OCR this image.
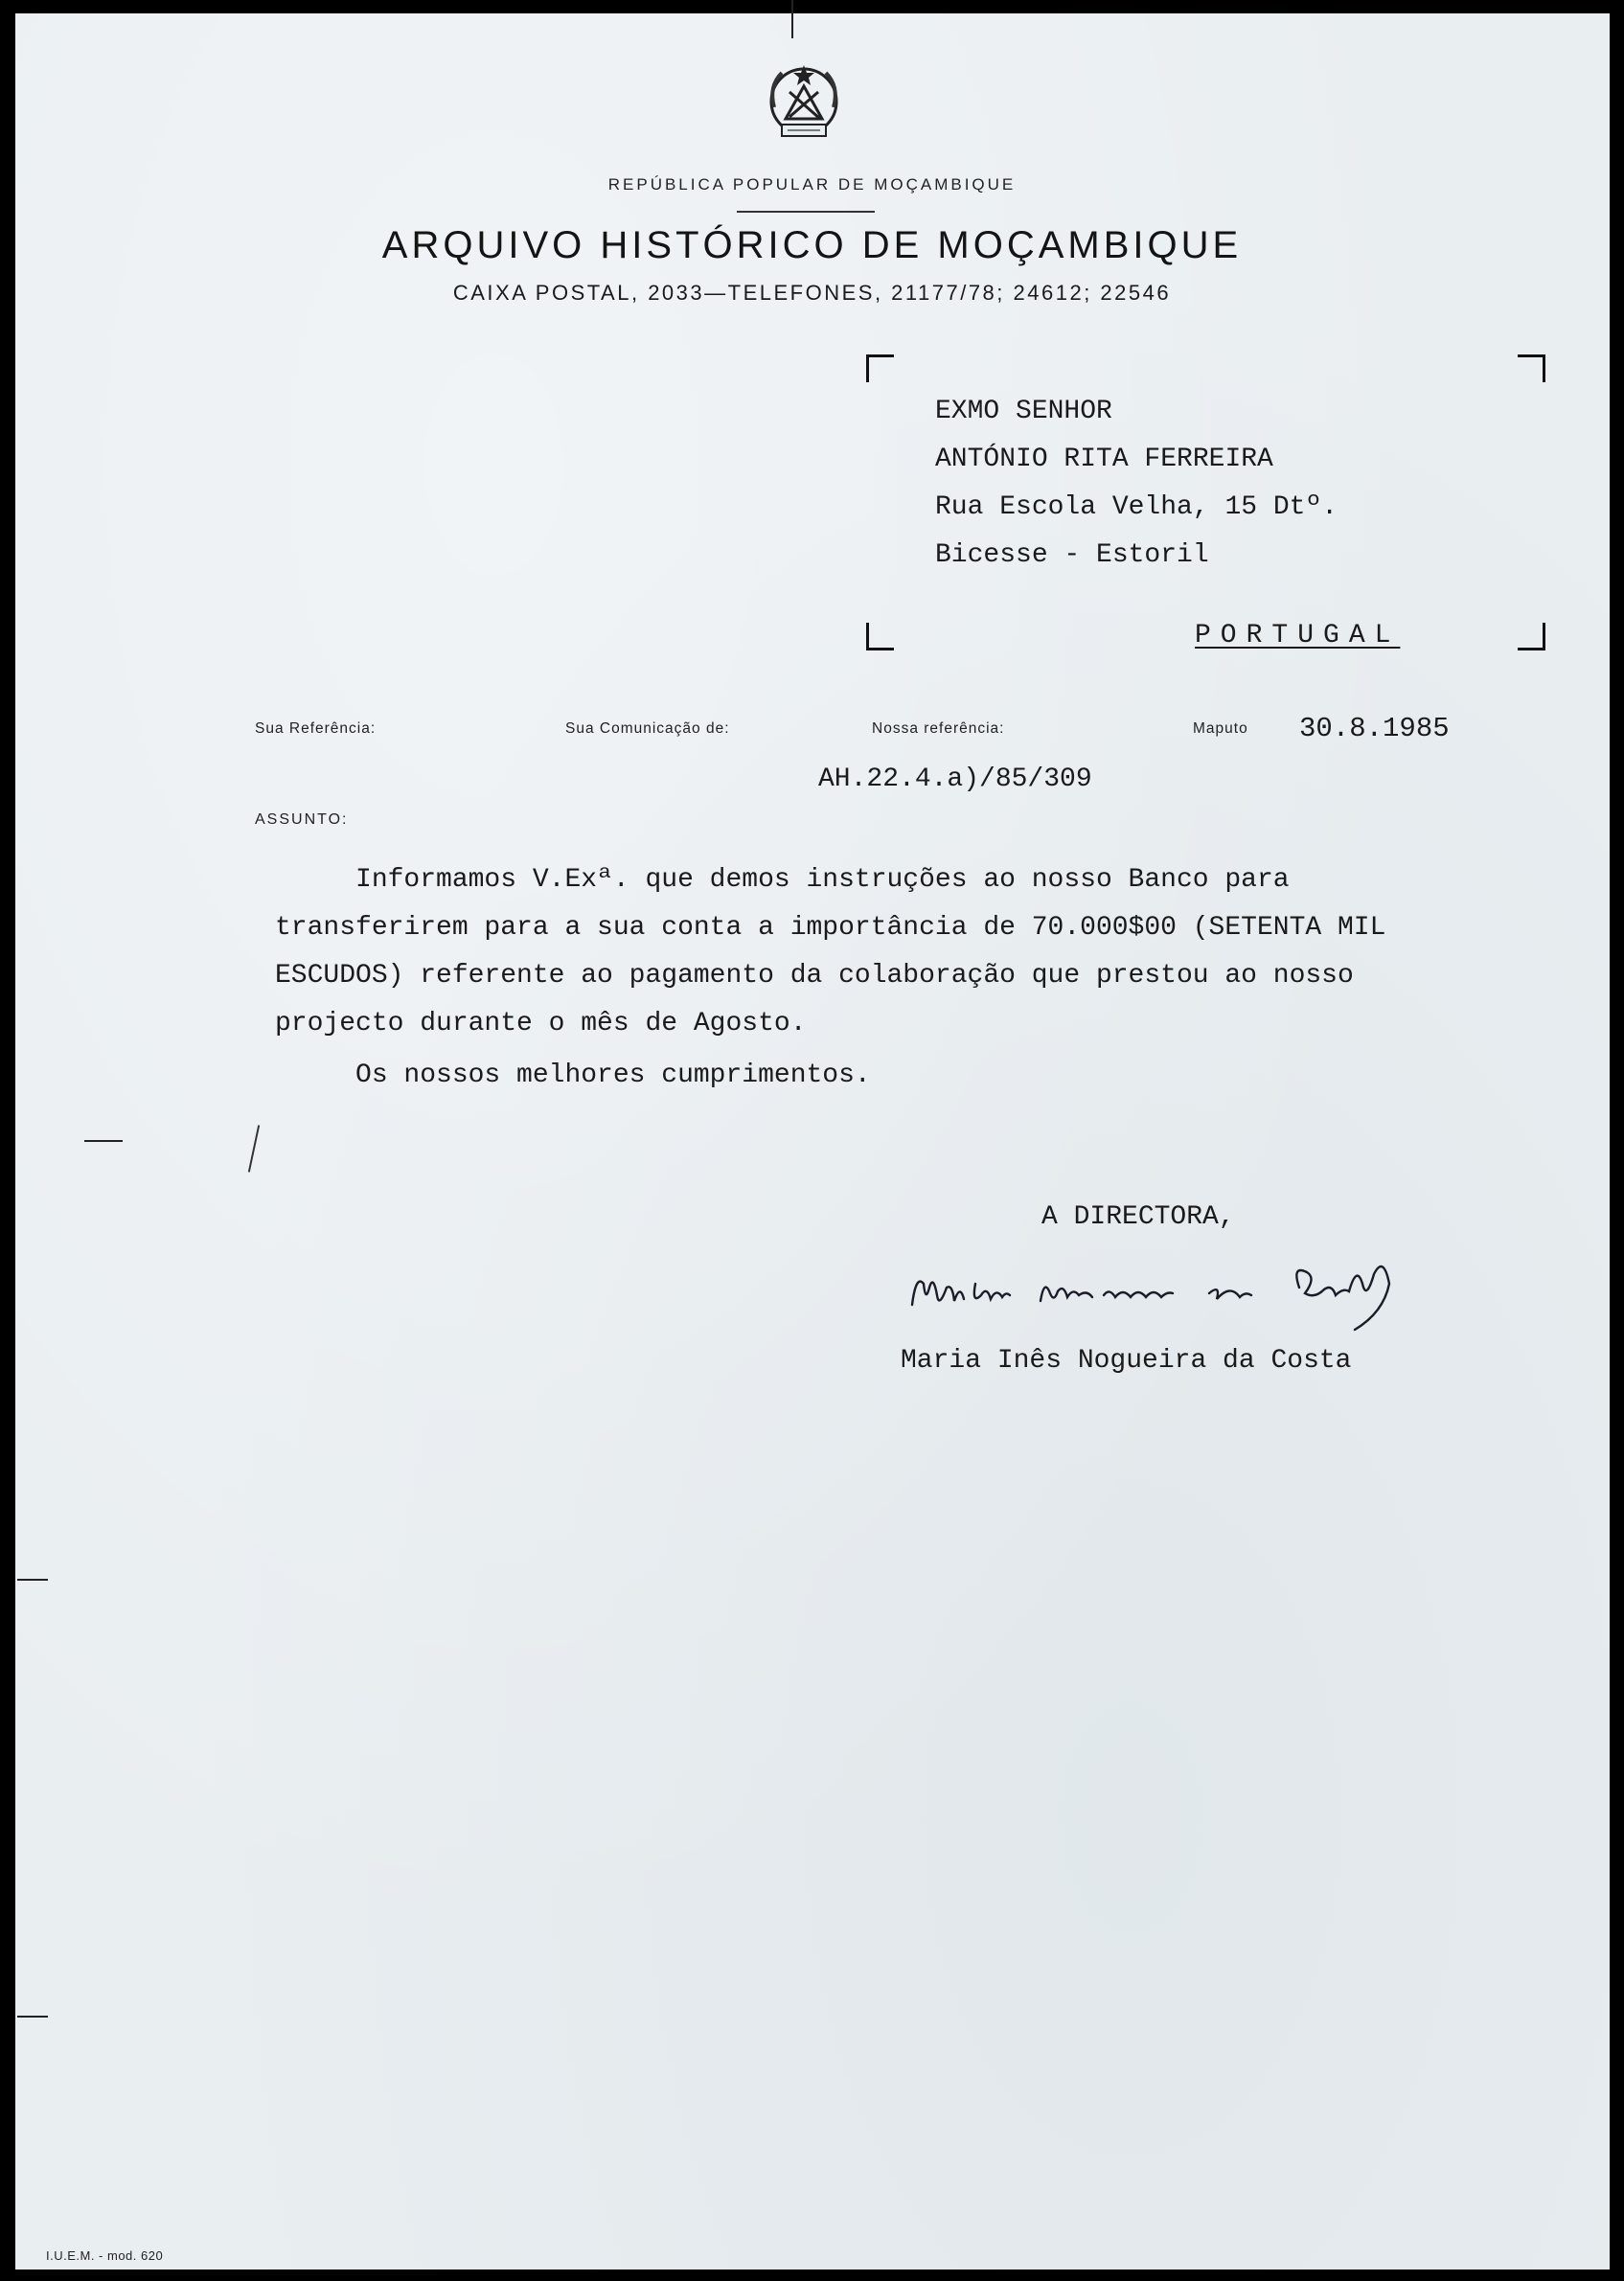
REPÚBLICA POPULAR DE MOÇAMBIQUE
ARQUIVO HISTÓRICO DE MOÇAMBIQUE
CAIXA POSTAL, 2033—TELEFONES, 21177/78; 24612; 22546
EXMO SENHOR
ANTÓNIO RITA FERREIRA
Rua Escola Velha, 15 Dtº.
Bicesse - Estoril
PORTUGAL
Sua Referência:	Sua Comunicação de:	Nossa referência:	Maputo 30.8.1985
AH.22.4.a)/85/309
ASSUNTO:
Informamos V.Exª. que demos instruções ao nosso Banco para
transferirem para a sua conta a importância de 70.000$00 (SETENTA MIL
ESCUDOS) referente ao pagamento da colaboração que prestou ao nosso
projecto durante o mês de Agosto.
Os nossos melhores cumprimentos.
A DIRECTORA,
Maria Inês Nogueira da Costa
I.U.E.M. - mod. 620
